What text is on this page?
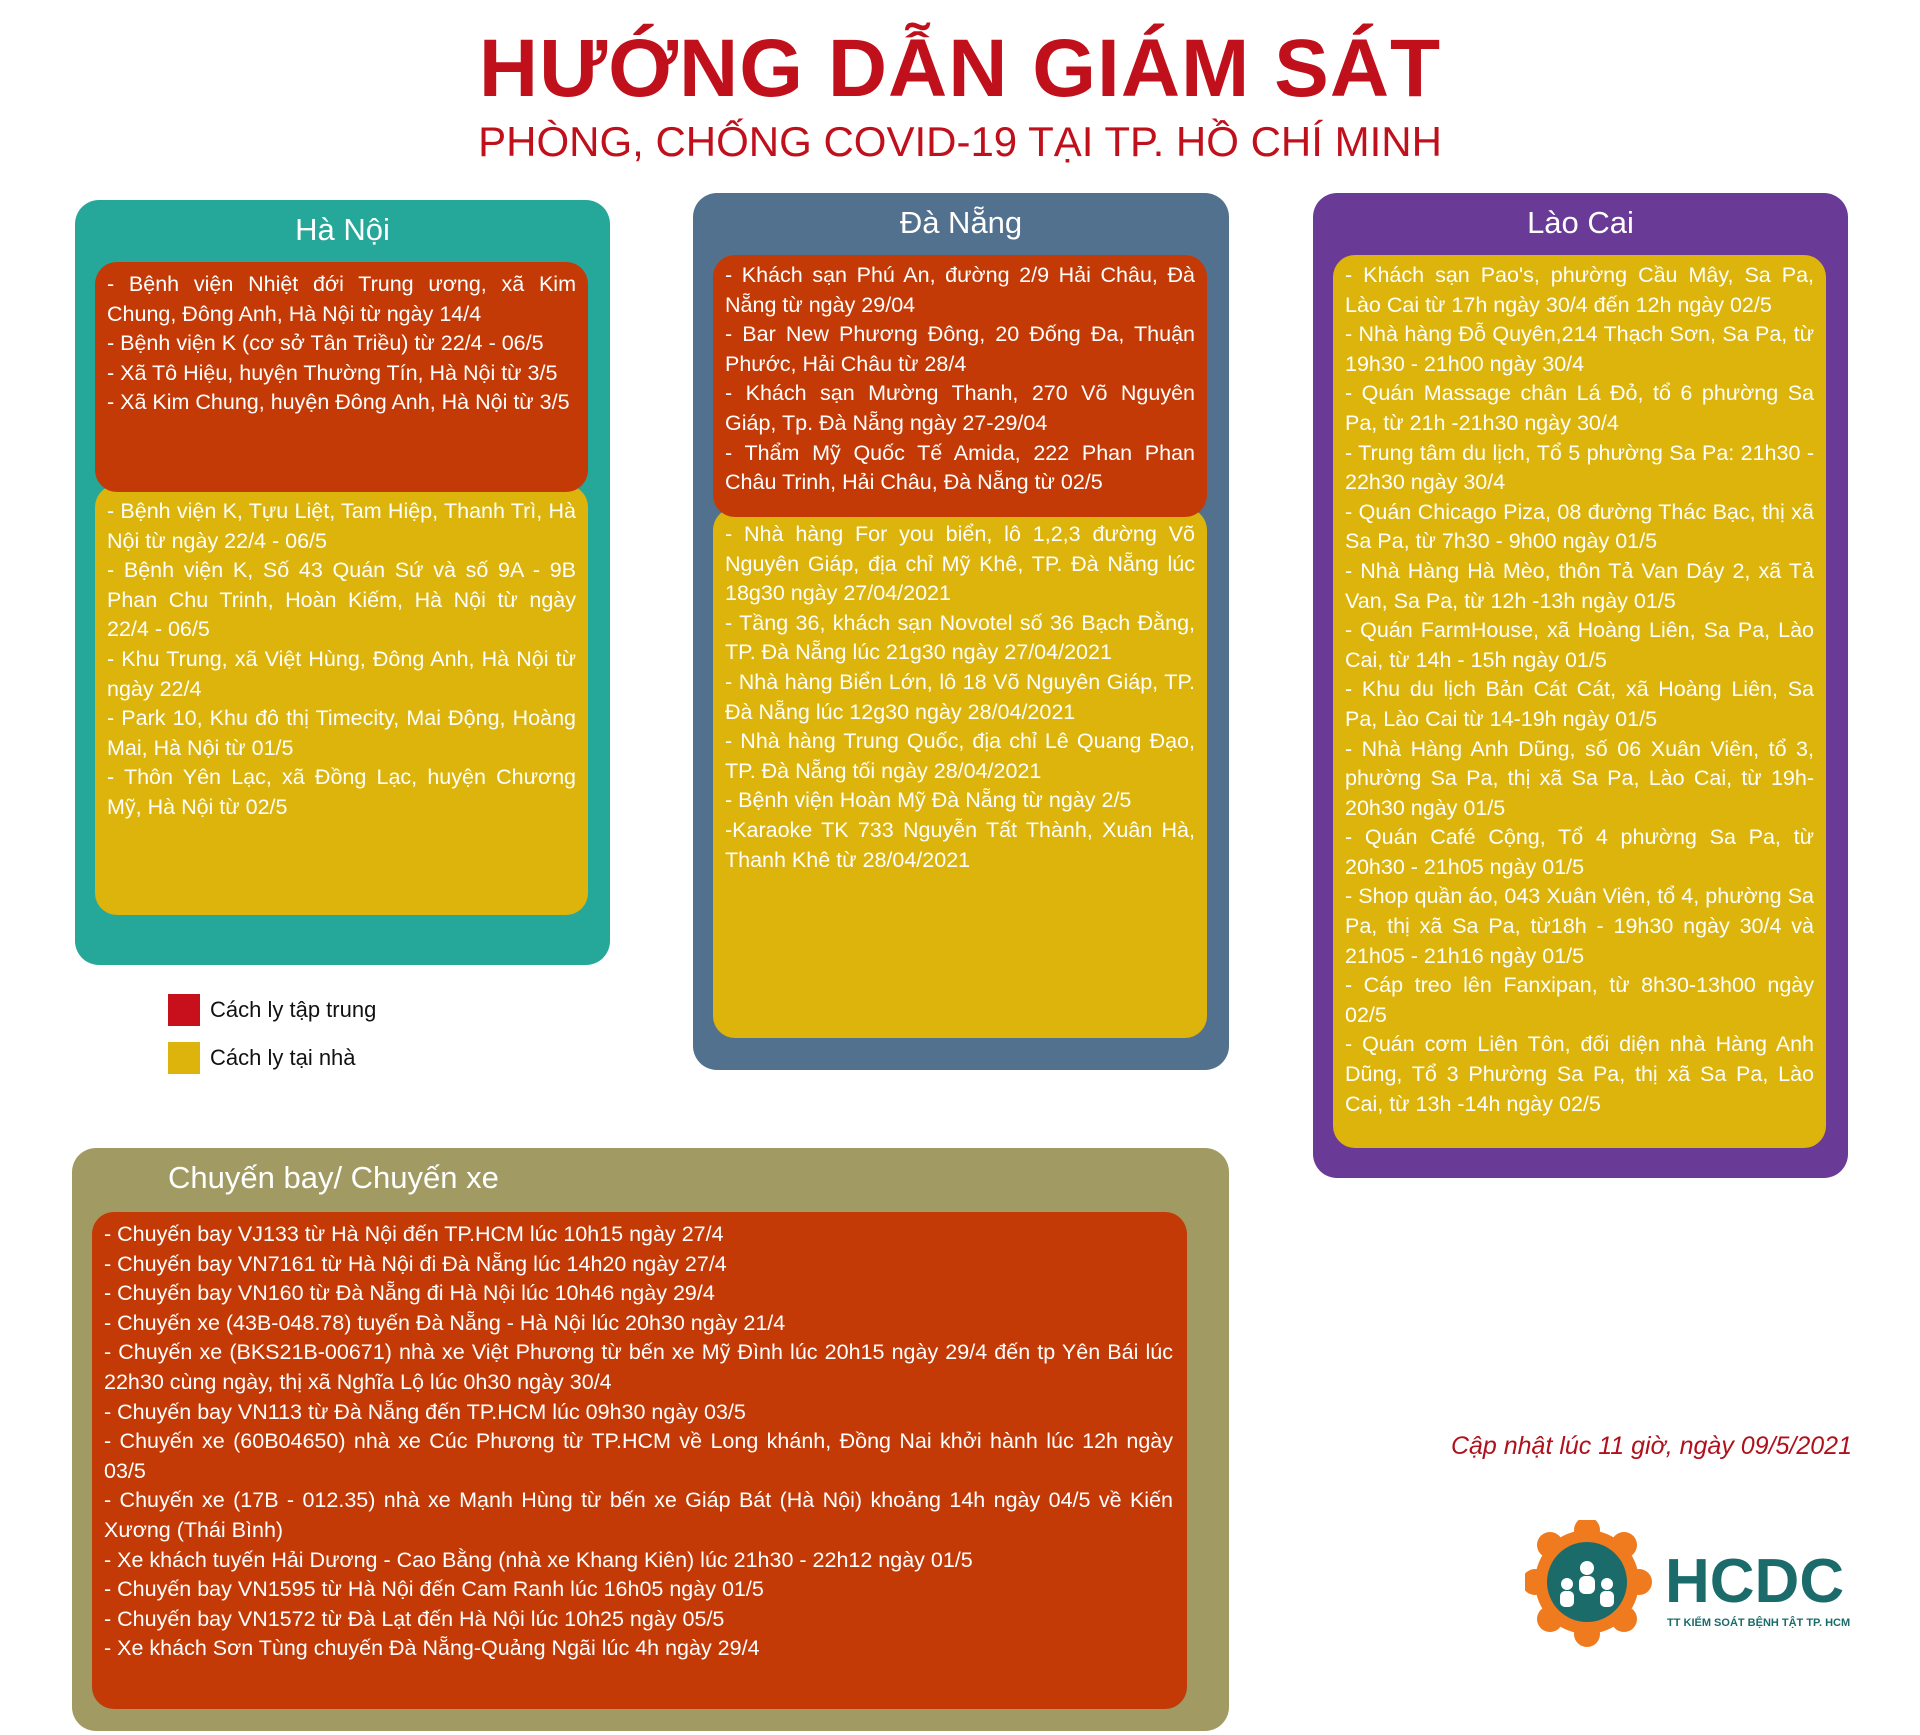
HƯỚNG DẪN GIÁM SÁT
PHÒNG, CHỐNG COVID-19 TẠI TP. HỒ CHÍ MINH
Hà Nội
- Bệnh viện K, Tựu Liệt, Tam Hiệp, Thanh Trì, Hà Nội từ ngày 22/4 - 06/5
- Bệnh viện K, Số 43 Quán Sứ và số 9A - 9B Phan Chu Trinh, Hoàn Kiếm, Hà Nội từ ngày 22/4 - 06/5
- Khu Trung, xã Việt Hùng, Đông Anh, Hà Nội từ ngày 22/4
- Park 10, Khu đô thị Timecity, Mai Động, Hoàng Mai, Hà Nội từ 01/5
- Thôn Yên Lạc, xã Đồng Lạc, huyện Chương Mỹ, Hà Nội từ 02/5
- Bệnh viện Nhiệt đới Trung ương, xã Kim Chung, Đông Anh, Hà Nội từ ngày 14/4
- Bệnh viện K (cơ sở Tân Triều) từ 22/4 - 06/5
- Xã Tô Hiệu, huyện Thường Tín, Hà Nội từ 3/5
- Xã Kim Chung, huyện Đông Anh, Hà Nội từ 3/5
Đà Nẵng
- Nhà hàng For you biển, lô 1,2,3 đường Võ Nguyên Giáp, địa chỉ Mỹ Khê, TP. Đà Nẵng lúc 18g30 ngày 27/04/2021
- Tầng 36, khách sạn Novotel số 36 Bạch Đằng, TP. Đà Nẵng lúc 21g30 ngày 27/04/2021
- Nhà hàng Biển Lớn, lô 18 Võ Nguyên Giáp, TP. Đà Nẵng lúc 12g30 ngày 28/04/2021
- Nhà hàng Trung Quốc, địa chỉ Lê Quang Đạo, TP. Đà Nẵng tối ngày 28/04/2021
- Bệnh viện Hoàn Mỹ Đà Nẵng từ ngày 2/5
-Karaoke TK 733 Nguyễn Tất Thành, Xuân Hà, Thanh Khê từ 28/04/2021
- Khách sạn Phú An, đường 2/9 Hải Châu, Đà Nẵng từ ngày 29/04
- Bar New Phương Đông, 20 Đống Đa, Thuận Phước, Hải Châu từ 28/4
- Khách sạn Mường Thanh, 270 Võ Nguyên Giáp, Tp. Đà Nẵng ngày 27-29/04
- Thẩm Mỹ Quốc Tế Amida, 222 Phan Phan Châu Trinh, Hải Châu, Đà Nẵng từ 02/5
Lào Cai
- Khách sạn Pao's, phường Cầu Mây, Sa Pa, Lào Cai từ 17h ngày 30/4 đến 12h ngày 02/5
- Nhà hàng Đỗ Quyên,214 Thạch Sơn, Sa Pa, từ 19h30 - 21h00 ngày 30/4
- Quán Massage chân Lá Đỏ, tổ 6 phường Sa Pa, từ 21h -21h30 ngày 30/4
- Trung tâm du lịch, Tổ 5 phường Sa Pa: 21h30 - 22h30 ngày 30/4
- Quán Chicago Piza, 08 đường Thác Bạc, thị xã Sa Pa, từ 7h30 - 9h00 ngày 01/5
- Nhà Hàng Hà Mèo, thôn Tả Van Dáy 2, xã Tả Van, Sa Pa, từ 12h -13h ngày 01/5
- Quán FarmHouse, xã Hoàng Liên, Sa Pa, Lào Cai, từ 14h - 15h ngày 01/5
- Khu du lịch Bản Cát Cát, xã Hoàng Liên, Sa Pa, Lào Cai từ 14-19h ngày 01/5
- Nhà Hàng Anh Dũng, số 06 Xuân Viên, tổ 3, phường Sa Pa, thị xã Sa Pa, Lào Cai, từ 19h-20h30 ngày 01/5
- Quán Café Cộng, Tổ 4 phường Sa Pa, từ 20h30 - 21h05 ngày 01/5
- Shop quần áo, 043 Xuân Viên, tổ 4, phường Sa Pa, thị xã Sa Pa, từ18h - 19h30 ngày 30/4 và 21h05 - 21h16 ngày 01/5
- Cáp treo lên Fanxipan, từ 8h30-13h00 ngày 02/5
- Quán cơm Liên Tôn, đối diện nhà Hàng Anh Dũng, Tổ 3 Phường Sa Pa, thị xã Sa Pa, Lào Cai, từ 13h -14h ngày 02/5
Cách ly tập trung
Cách ly tại nhà
Chuyến bay/ Chuyến xe
- Chuyến bay VJ133 từ Hà Nội đến TP.HCM lúc 10h15 ngày 27/4
- Chuyến bay VN7161 từ Hà Nội đi Đà Nẵng lúc 14h20 ngày 27/4
- Chuyến bay VN160 từ Đà Nẵng đi Hà Nội lúc 10h46 ngày 29/4
- Chuyến xe (43B-048.78) tuyến Đà Nẵng - Hà Nội lúc 20h30 ngày 21/4
- Chuyến xe (BKS21B-00671) nhà xe Việt Phương từ bến xe Mỹ Đình lúc 20h15 ngày 29/4 đến tp Yên Bái lúc 22h30 cùng ngày, thị xã Nghĩa Lộ lúc 0h30 ngày 30/4
- Chuyến bay VN113 từ Đà Nẵng đến TP.HCM lúc 09h30 ngày 03/5
- Chuyến xe (60B04650) nhà xe Cúc Phương từ TP.HCM về Long khánh, Đồng Nai khởi hành lúc 12h ngày 03/5
- Chuyến xe (17B - 012.35) nhà xe Mạnh Hùng từ bến xe Giáp Bát (Hà Nội) khoảng 14h ngày 04/5 về Kiến Xương (Thái Bình)
- Xe khách tuyến Hải Dương - Cao Bằng (nhà xe Khang Kiên) lúc 21h30 - 22h12 ngày 01/5
- Chuyến bay VN1595 từ Hà Nội đến Cam Ranh lúc 16h05 ngày 01/5
- Chuyến bay VN1572 từ Đà Lạt đến Hà Nội lúc 10h25 ngày 05/5
- Xe khách Sơn Tùng chuyến Đà Nẵng-Quảng Ngãi lúc 4h ngày 29/4
Cập nhật lúc 11 giờ, ngày 09/5/2021
HCDC
TT KIỂM SOÁT BỆNH TẬT TP. HCM
